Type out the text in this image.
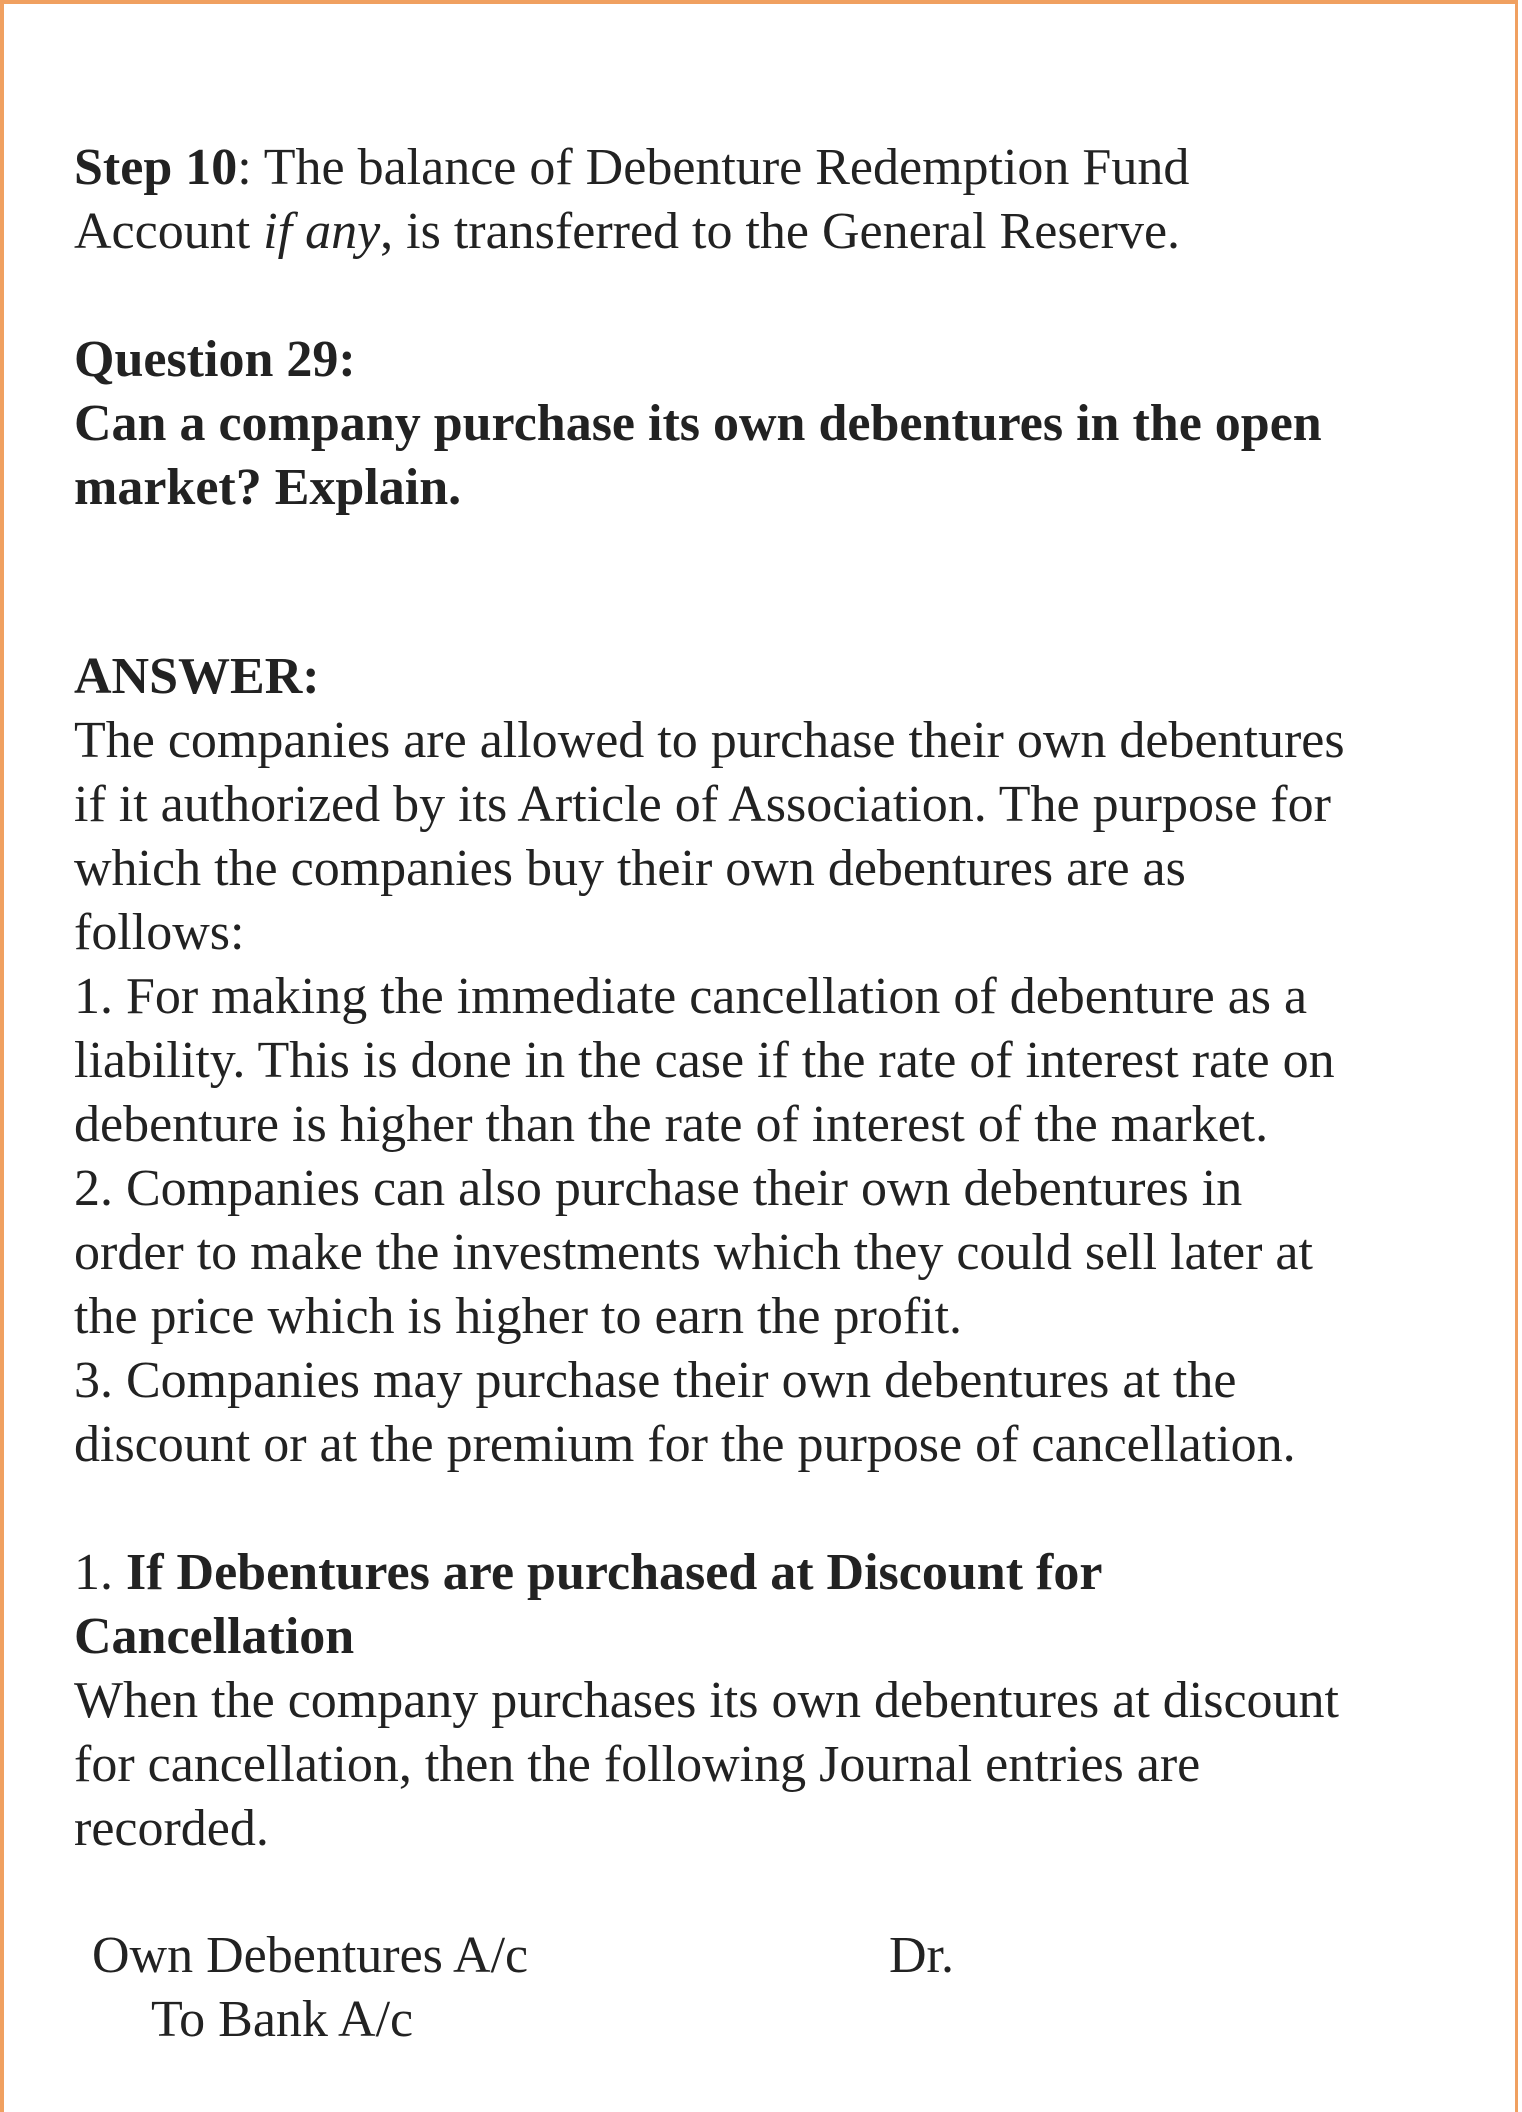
Step 10: The balance of Debenture Redemption Fund
Account if any, is transferred to the General Reserve.
Question 29:
Can a company purchase its own debentures in the open
market? Explain.
ANSWER:
The companies are allowed to purchase their own debentures
if it authorized by its Article of Association. The purpose for
which the companies buy their own debentures are as
follows:
1. For making the immediate cancellation of debenture as a
liability. This is done in the case if the rate of interest rate on
debenture is higher than the rate of interest of the market.
2. Companies can also purchase their own debentures in
order to make the investments which they could sell later at
the price which is higher to earn the profit.
3. Companies may purchase their own debentures at the
discount or at the premium for the purpose of cancellation.
1. If Debentures are purchased at Discount for
Cancellation
When the company purchases its own debentures at discount
for cancellation, then the following Journal entries are
recorded.
Own Debentures A/c	Dr.
To Bank A/c
